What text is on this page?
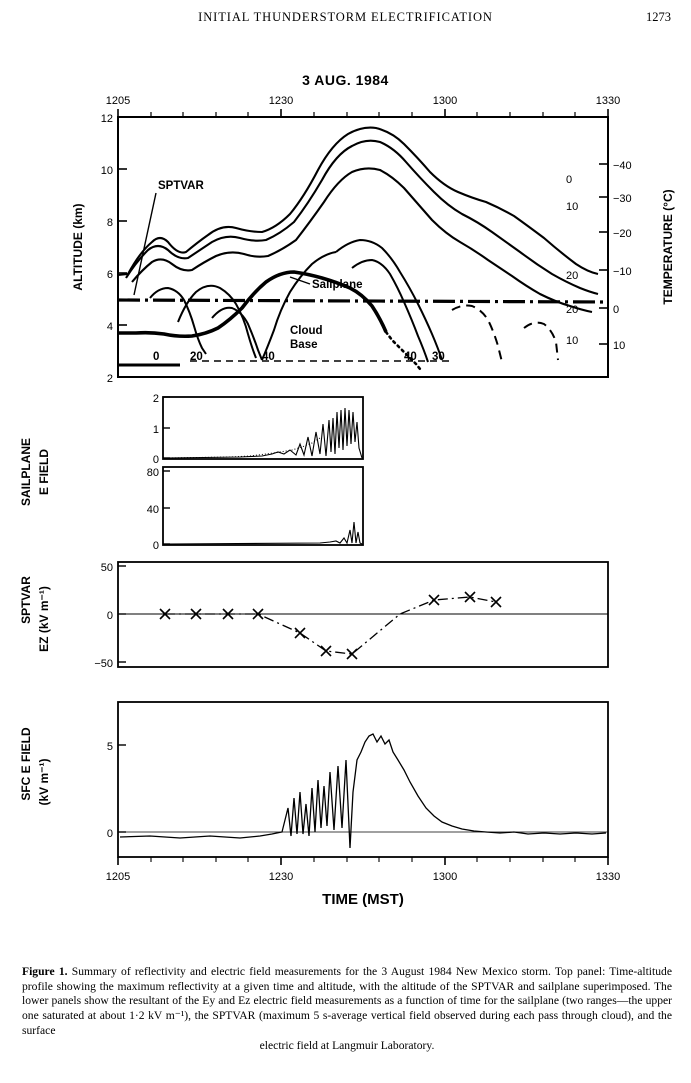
INITIAL THUNDERSTORM ELECTRIFICATION	1273
3 AUG. 1984
1205	1230	1300	1330
12
10
8
6
4
2
ALTITUDE (km)
−40
−30
−20
−10
0
10
TEMPERATURE (°C)
SPTVAR
Sailplane
Cloud
Base
0	20	40	40 30
0
10
20
20
10
2
1
0
80
40
0
SAILPLANE E FIELD
50
0
−50
SPTVAR EZ (kV m⁻¹)
5
0
SFC E FIELD (kV m⁻¹)
1205	1230	1300	1330
TIME (MST)
Figure 1. Summary of reflectivity and electric field measurements for the 3 August 1984 New Mexico storm. Top panel: Time-altitude profile showing the maximum reflectivity at a given time and altitude, with the altitude of the SPTVAR and sailplane superimposed. The lower panels show the resultant of the Ey and Ez electric field measurements as a function of time for the sailplane (two ranges—the upper one saturated at about 1·2 kV m⁻¹), the SPTVAR (maximum 5 s-average vertical field observed during each pass through cloud), and the surface
electric field at Langmuir Laboratory.
